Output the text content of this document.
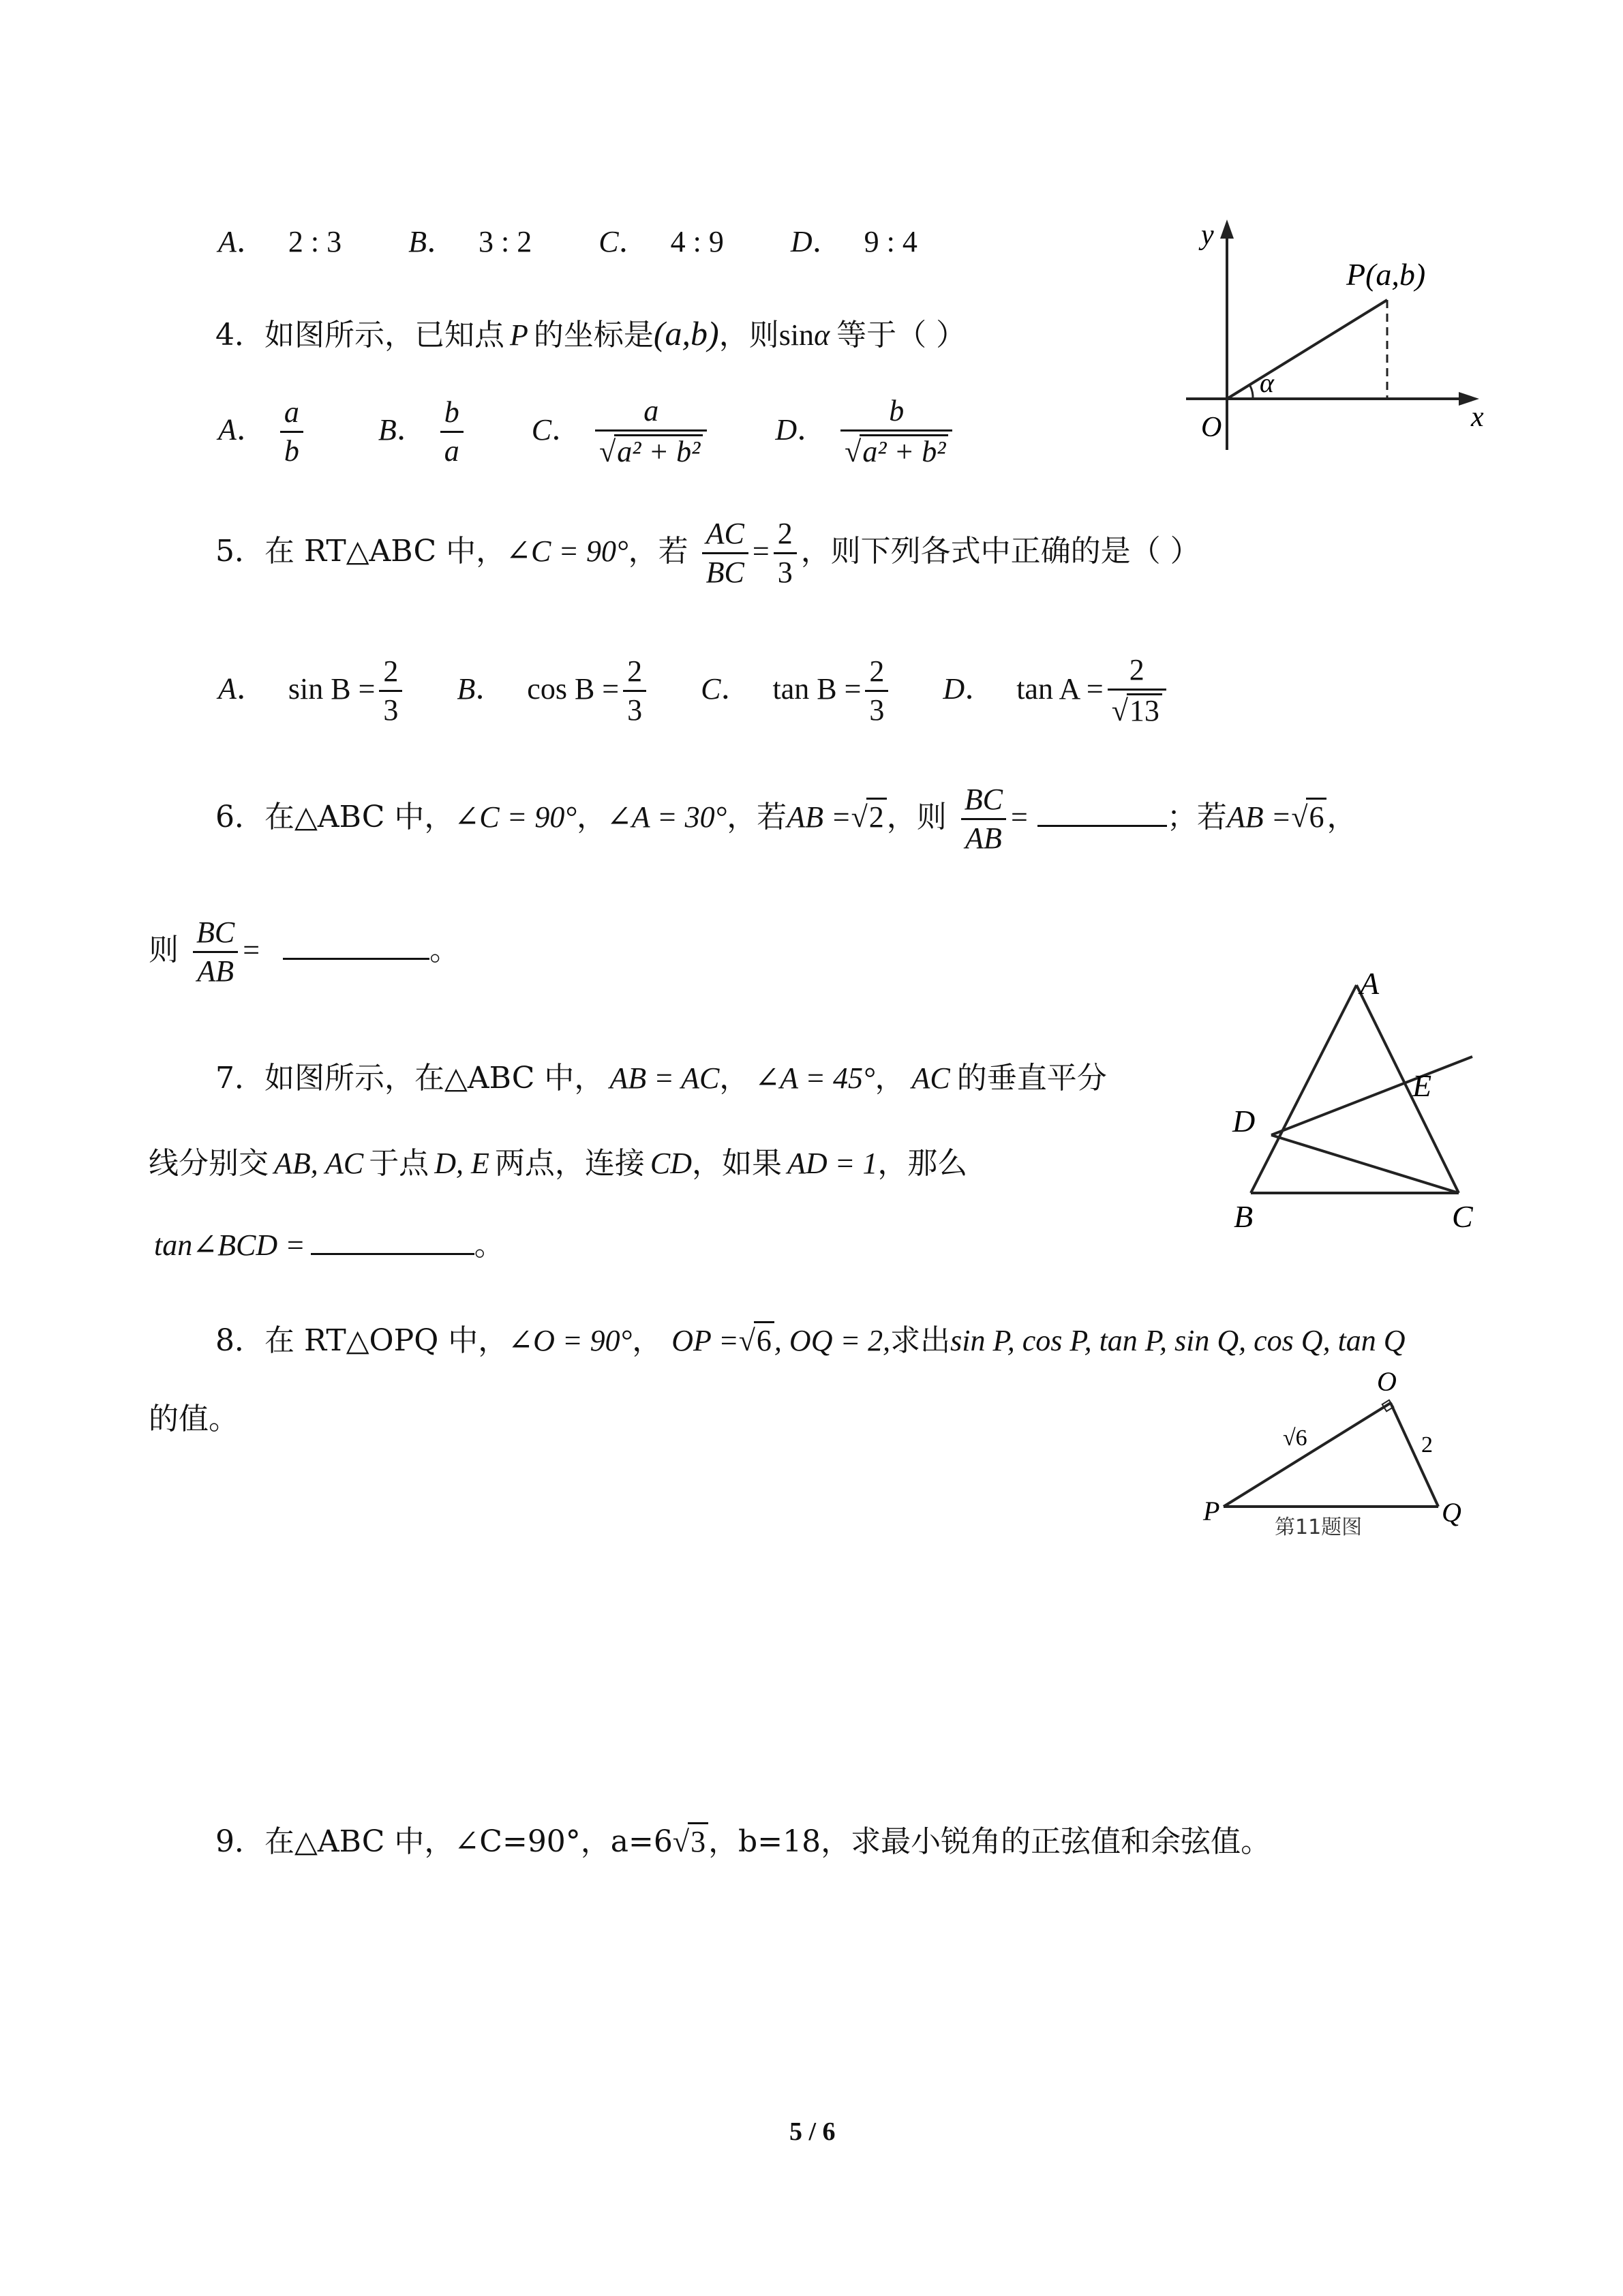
A． 2 : 3 B． 3 : 2 C． 4 : 9 D． 9 : 4
4．如图所示，已知点 P 的坐标是(a,b)，则sinα 等于（ ）
A． $\frac{a}{b}$	B． $\frac{b}{a}$ C． $\frac{a}{\text{√a² + b²}}$ D． $\frac{b}{\text{√a² + b²}}$
y
x
O
P(a,b)
α
5．在 RT△ABC 中，∠C = 90°，若 $\frac{AC}{BC} = \frac{2}{3}$ ，则下列各式中正确的是（ ）
A． $\sin B = \frac{2}{3}$ B． $\cos B = \frac{2}{3}$ C． $\tan B = \frac{2}{3}$ D． $\tan A = \frac{2}{√13}$
6．在△ABC 中，∠C = 90°，∠A = 30°，若AB =√2，则 $\frac{BC}{AB}$ =	；若AB =√6，
则 $\frac{BC}{AB}$ =	。
7．如图所示，在△ABC 中， AB = AC， ∠A = 45°， AC 的垂直平分
线分别交 AB, AC 于点 D, E 两点，连接 CD，如果 AD = 1，那么
tan∠BCD =	。
A
B	C
D
E
8．在 RT△OPQ 中，∠O = 90°， OP =√6, OQ = 2,求出sin P, cos P, tan P, sin Q, cos Q, tan Q
的值。
O
P	Q
√6	2
第11题图
9．在△ABC 中，∠C=90°，a=6√3，b=18，求最小锐角的正弦值和余弦值。
5 / 6
